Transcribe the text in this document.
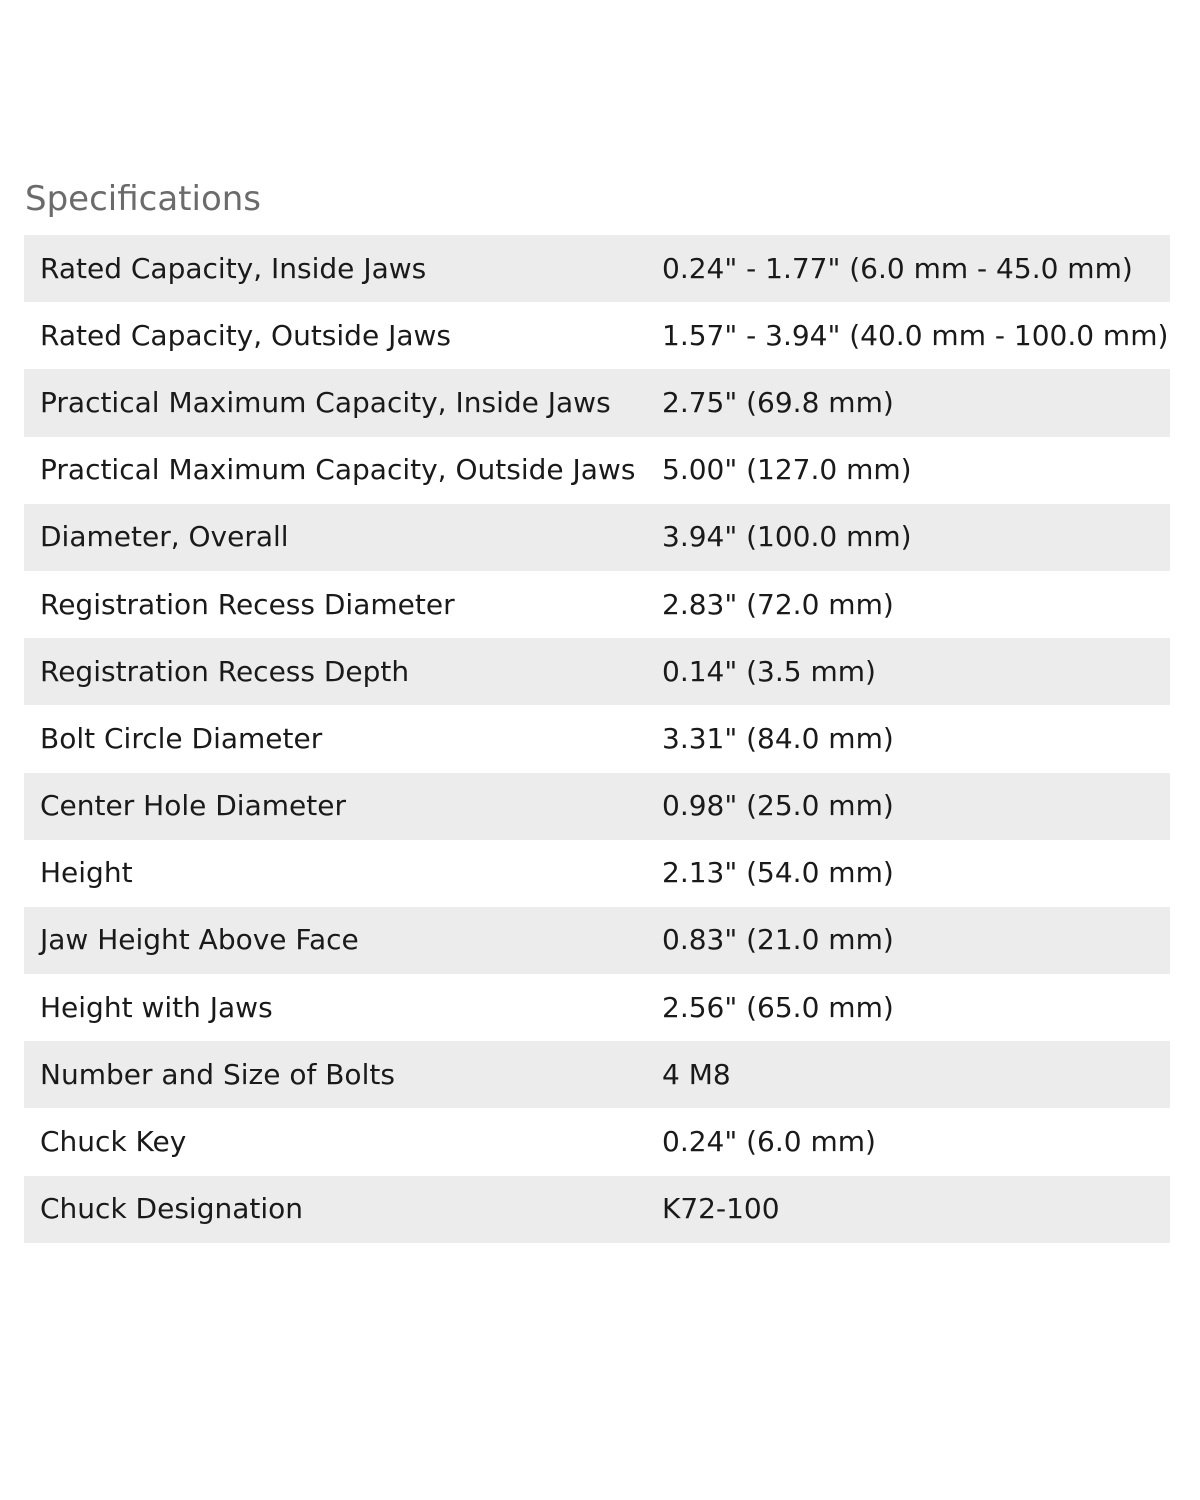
Specifications
Rated Capacity, Inside Jaws	0.24" - 1.77" (6.0 mm - 45.0 mm)
Rated Capacity, Outside Jaws	1.57" - 3.94" (40.0 mm - 100.0 mm)
Practical Maximum Capacity, Inside Jaws	2.75" (69.8 mm)
Practical Maximum Capacity, Outside Jaws	5.00" (127.0 mm)
Diameter, Overall	3.94" (100.0 mm)
Registration Recess Diameter	2.83" (72.0 mm)
Registration Recess Depth	0.14" (3.5 mm)
Bolt Circle Diameter	3.31" (84.0 mm)
Center Hole Diameter	0.98" (25.0 mm)
Height	2.13" (54.0 mm)
Jaw Height Above Face	0.83" (21.0 mm)
Height with Jaws	2.56" (65.0 mm)
Number and Size of Bolts	4 M8
Chuck Key	0.24" (6.0 mm)
Chuck Designation	K72-100
